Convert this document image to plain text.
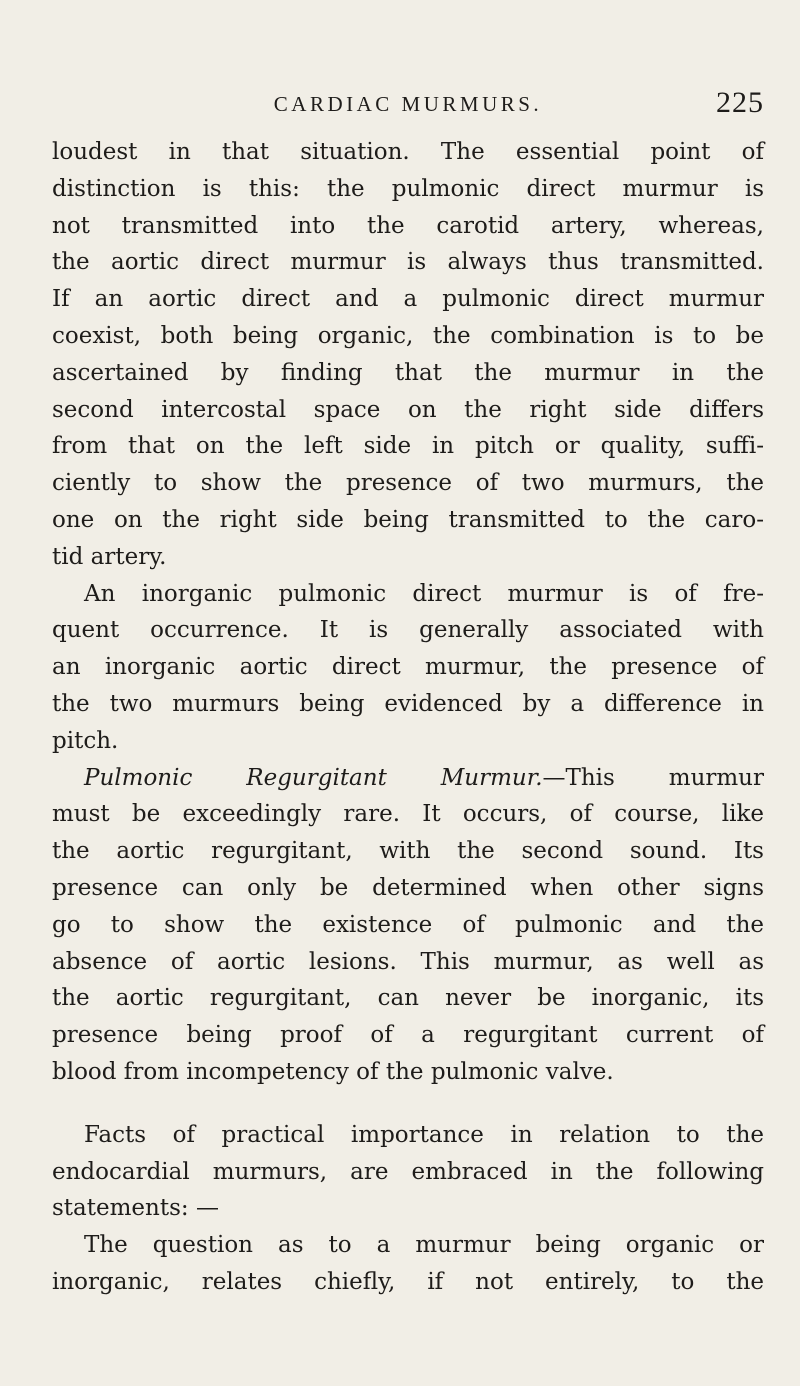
CARDIAC MURMURS.	225
loudest in that situation. The essential point of
distinction is this: the pulmonic direct murmur is
not transmitted into the carotid artery, whereas,
the aortic direct murmur is always thus transmitted.
If an aortic direct and a pulmonic direct murmur
coexist, both being organic, the combination is to be
ascertained by finding that the murmur in the
second intercostal space on the right side differs
from that on the left side in pitch or quality, suffi-
ciently to show the presence of two murmurs, the
one on the right side being transmitted to the caro-
tid artery.
An inorganic pulmonic direct murmur is of fre-
quent occurrence. It is generally associated with
an inorganic aortic direct murmur, the presence of
the two murmurs being evidenced by a difference in
pitch.
Pulmonic Regurgitant Murmur.—This murmur
must be exceedingly rare. It occurs, of course, like
the aortic regurgitant, with the second sound. Its
presence can only be determined when other signs
go to show the existence of pulmonic and the
absence of aortic lesions. This murmur, as well as
the aortic regurgitant, can never be inorganic, its
presence being proof of a regurgitant current of
blood from incompetency of the pulmonic valve.
Facts of practical importance in relation to the
endocardial murmurs, are embraced in the following
statements: —
The question as to a murmur being organic or
inorganic, relates chiefly, if not entirely, to the
